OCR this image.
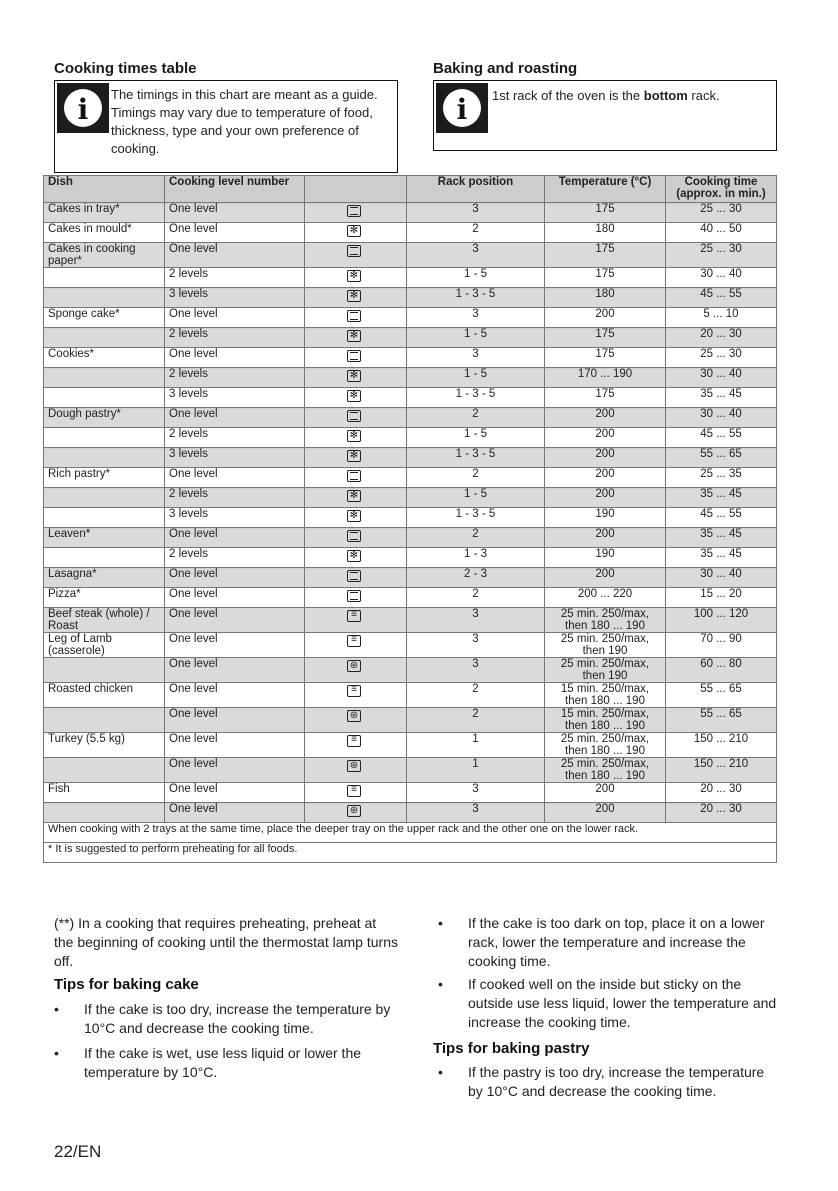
Cooking times table	Baking and roasting
i	The timings in this chart are meant as a guide.
Timings may vary due to temperature of food,
thickness, type and your own preference of
cooking.
i	1st rack of the oven is the bottom rack.
Dish	Cooking level number		Rack position	Temperature (°C)	Cooking time (approx. in min.)
Cakes in tray*	One level		3	175	25 ... 30
Cakes in mould*	One level	✻	2	180	40 ... 50
Cakes in cooking paper*	One level		3	175	25 ... 30
	2 levels	✻	1 - 5	175	30 ... 40
	3 levels	✻	1 - 3 - 5	180	45 ... 55
Sponge cake*	One level		3	200	5 ... 10
	2 levels	✻	1 - 5	175	20 ... 30
Cookies*	One level		3	175	25 ... 30
	2 levels	✻	1 - 5	170 ... 190	30 ... 40
	3 levels	✻	1 - 3 - 5	175	35 ... 45
Dough pastry*	One level		2	200	30 ... 40
	2 levels	✻	1 - 5	200	45 ... 55
	3 levels	✻	1 - 3 - 5	200	55 ... 65
Rich pastry*	One level		2	200	25 ... 35
	2 levels	✻	1 - 5	200	35 ... 45
	3 levels	✻	1 - 3 - 5	190	45 ... 55
Leaven*	One level		2	200	35 ... 45
	2 levels	✻	1 - 3	190	35 ... 45
Lasagna*	One level		2 - 3	200	30 ... 40
Pizza*	One level		2	200 ... 220	15 ... 20
Beef steak (whole) / Roast	One level	≡	3	25 min. 250/max, then 180 ... 190	100 ... 120
Leg of Lamb (casserole)	One level	≡	3	25 min. 250/max, then 190	70 ... 90
	One level	⊛	3	25 min. 250/max, then 190	60 ... 80
Roasted chicken	One level	≡	2	15 min. 250/max, then 180 ... 190	55 ... 65
	One level	⊛	2	15 min. 250/max, then 180 ... 190	55 ... 65
Turkey (5.5 kg)	One level	≡	1	25 min. 250/max, then 180 ... 190	150 ... 210
	One level	⊛	1	25 min. 250/max, then 180 ... 190	150 ... 210
Fish	One level	≡	3	200	20 ... 30
	One level	⊛	3	200	20 ... 30
When cooking with 2 trays at the same time, place the deeper tray on the upper rack and the other one on the lower rack.					
* It is suggested to perform preheating for all foods.					
(**) In a cooking that requires preheating, preheat at the beginning of cooking until the thermostat lamp turns off.
Tips for baking cake
• If the cake is too dry, increase the temperature by 10°C and decrease the cooking time.
• If the cake is wet, use less liquid or lower the temperature by 10°C.
• If the cake is too dark on top, place it on a lower rack, lower the temperature and increase the cooking time.
• If cooked well on the inside but sticky on the outside use less liquid, lower the temperature and increase the cooking time.
Tips for baking pastry
• If the pastry is too dry, increase the temperature by 10°C and decrease the cooking time.
22/EN
